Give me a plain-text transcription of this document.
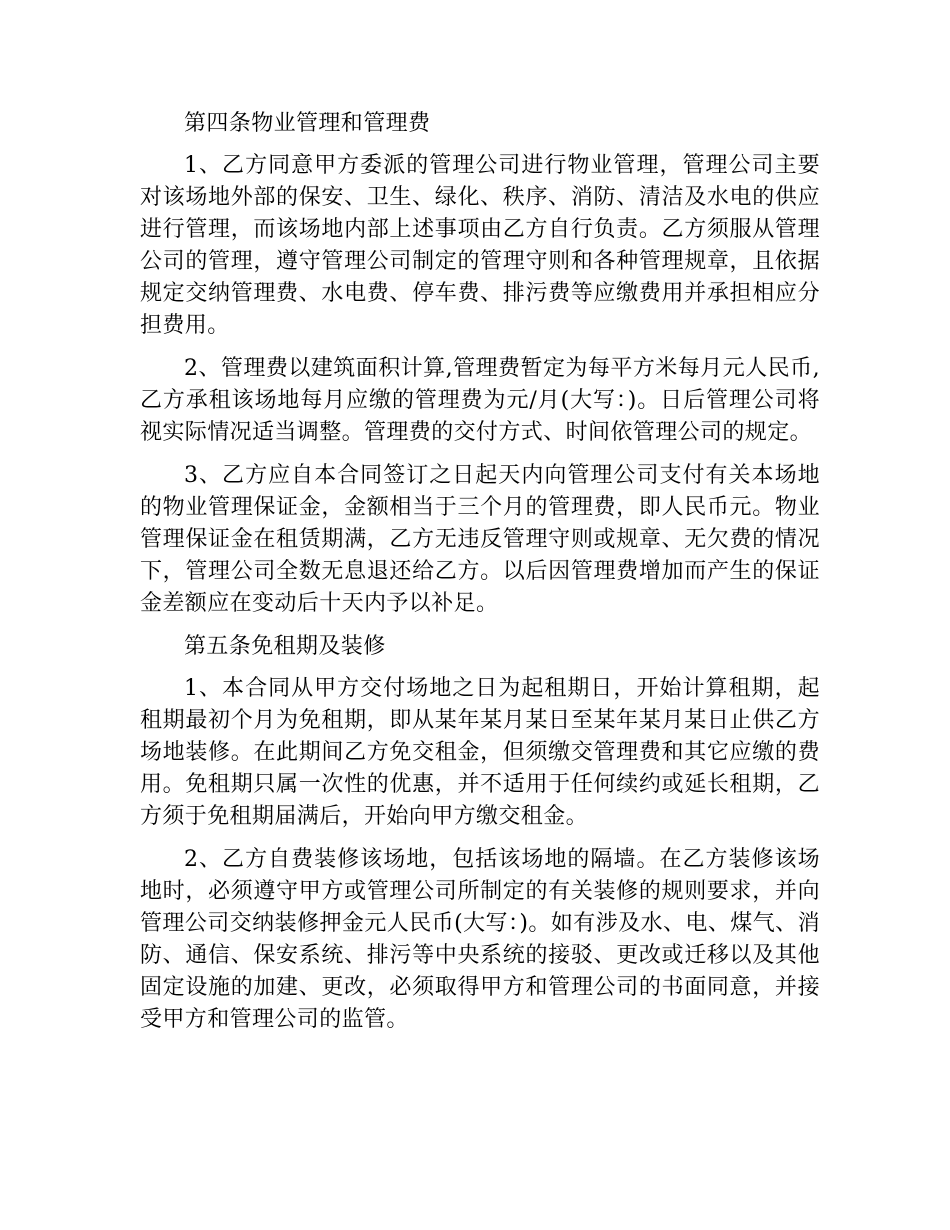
第四条物业管理和管理费

1、乙方同意甲方委派的管理公司进行物业管理，管理公司主要对该场地外部的保安、卫生、绿化、秩序、消防、清洁及水电的供应进行管理，而该场地内部上述事项由乙方自行负责。乙方须服从管理公司的管理，遵守管理公司制定的管理守则和各种管理规章，且依据规定交纳管理费、水电费、停车费、排污费等应缴费用并承担相应分担费用。

2、管理费以建筑面积计算,管理费暂定为每平方米每月元人民币,乙方承租该场地每月应缴的管理费为元/月(大写：)。日后管理公司将视实际情况适当调整。管理费的交付方式、时间依管理公司的规定。

3、乙方应自本合同签订之日起天内向管理公司支付有关本场地的物业管理保证金，金额相当于三个月的管理费，即人民币元。物业管理保证金在租赁期满，乙方无违反管理守则或规章、无欠费的情况下，管理公司全数无息退还给乙方。以后因管理费增加而产生的保证金差额应在变动后十天内予以补足。

第五条免租期及装修

1、本合同从甲方交付场地之日为起租期日，开始计算租期，起租期最初个月为免租期，即从某年某月某日至某年某月某日止供乙方场地装修。在此期间乙方免交租金，但须缴交管理费和其它应缴的费用。免租期只属一次性的优惠，并不适用于任何续约或延长租期，乙方须于免租期届满后，开始向甲方缴交租金。

2、乙方自费装修该场地，包括该场地的隔墙。在乙方装修该场地时，必须遵守甲方或管理公司所制定的有关装修的规则要求，并向管理公司交纳装修押金元人民币(大写：)。如有涉及水、电、煤气、消防、通信、保安系统、排污等中央系统的接驳、更改或迁移以及其他固定设施的加建、更改，必须取得甲方和管理公司的书面同意，并接受甲方和管理公司的监管。
